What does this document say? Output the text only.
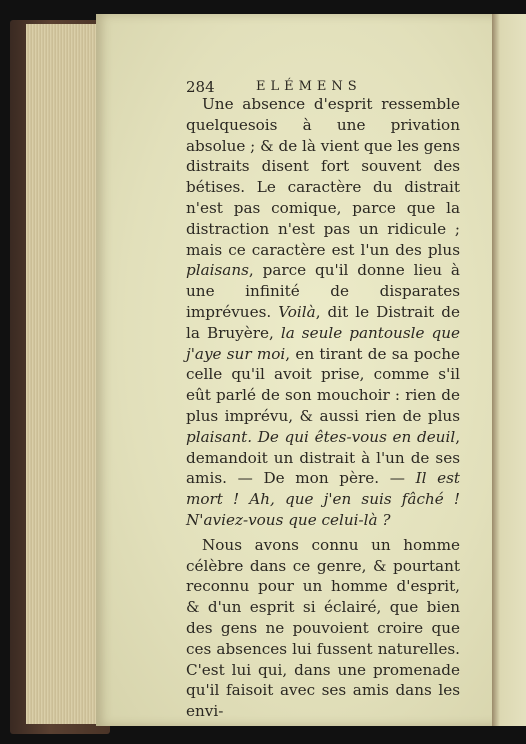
284	ELÉMENS

Une absence d'esprit ressemble quelquesois à une privation absolue ; & de là vient que les gens distraits disent fort souvent des bétises. Le caractère du distrait n'est pas comique, parce que la distraction n'est pas un ridicule ; mais ce caractère est l'un des plus plaisans, parce qu'il donne lieu à une infinité de disparates imprévues. Voilà, dit le Distrait de la Bruyère, la seule pantousle que j'aye sur moi, en tirant de sa poche celle qu'il avoit prise, comme s'il eût parlé de son mouchoir : rien de plus imprévu, & aussi rien de plus plaisant. De qui êtes-vous en deuil, demandoit un distrait à l'un de ses amis. — De mon père. — Il est mort ! Ah, que j'en suis fâché ! N'aviez-vous que celui-là ?

Nous avons connu un homme célèbre dans ce genre, & pourtant reconnu pour un homme d'esprit, & d'un esprit si éclairé, que bien des gens ne pouvoient croire que ces absences lui fussent naturelles. C'est lui qui, dans une promenade qu'il faisoit avec ses amis dans les envi-
